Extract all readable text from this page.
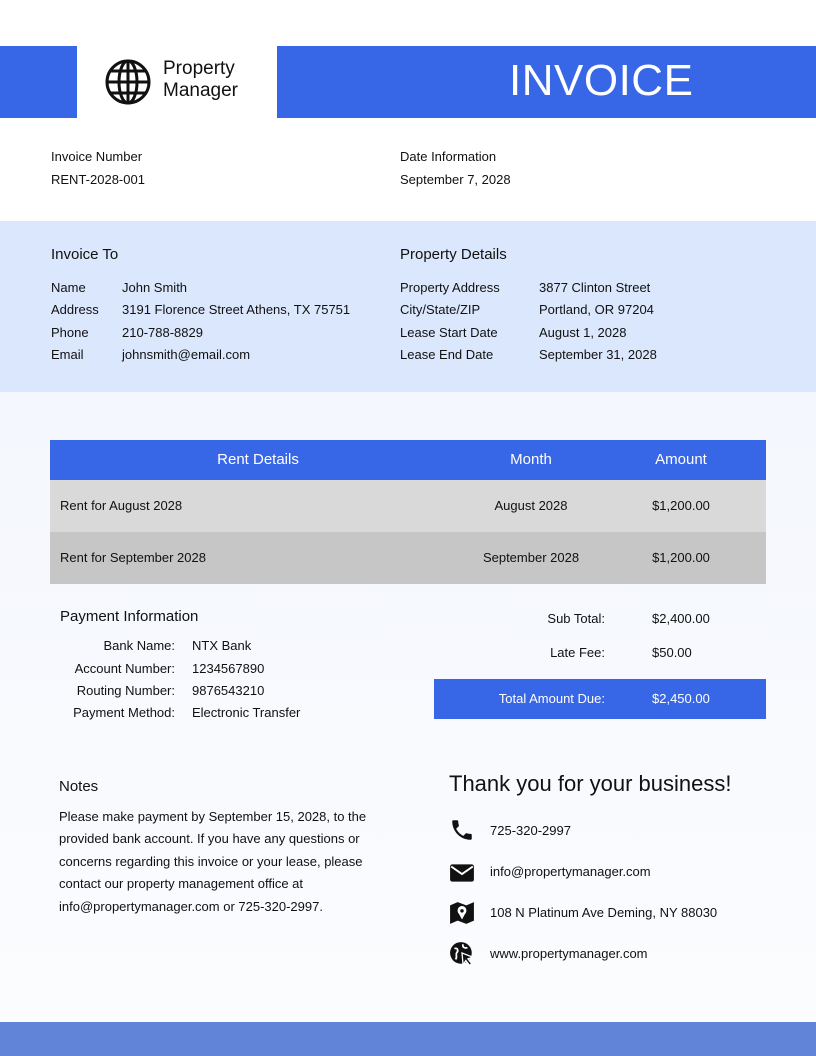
Property
Manager	INVOICE
Invoice Number
RENT-2028-001
Date Information
September 7, 2028
Invoice To	Property Details
Name	John Smith
Address 3191 Florence Street Athens, TX 75751
Phone	210-788-8829
Email	johnsmith@email.com
Property Address	3877 Clinton Street
City/State/ZIP	Portland, OR 97204
Lease Start Date	August 1, 2028
Lease End Date	September 31, 2028
Rent Details	Month	Amount
Rent for August 2028	August 2028	$1,200.00
Rent for September 2028	September 2028	$1,200.00
Payment Information
Bank Name: NTX Bank
Account Number: 1234567890
Routing Number: 9876543210
Payment Method: Electronic Transfer
Sub Total:	$2,400.00
Late Fee:	$50.00
Total Amount Due:	$2,450.00
Notes
Please make payment by September 15, 2028, to the provided bank account. If you have any questions or concerns regarding this invoice or your lease, please contact our property management office at info@propertymanager.com or 725-320-2997.
Thank you for your business!
725-320-2997
info@propertymanager.com
108 N Platinum Ave Deming, NY 88030
www.propertymanager.com
